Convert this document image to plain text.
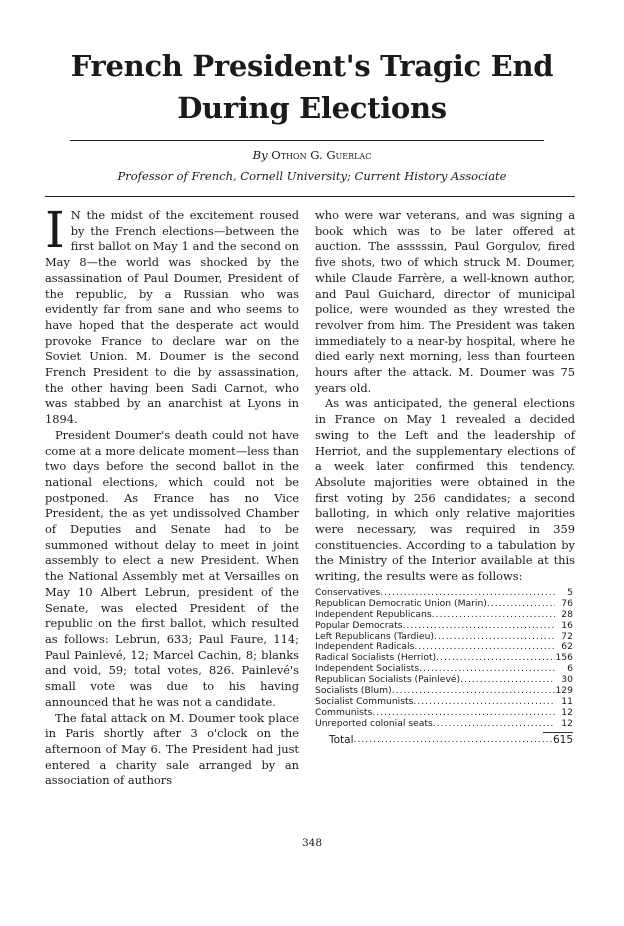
French President's Tragic End
During Elections
By Othon G. Guerlac
Professor of French, Cornell University; Current History Associate

I N the midst of the excitement roused by the French elections—between the first ballot on May 1 and the second on May 8—the world was shocked by the assassination of Paul Doumer, President of the republic, by a Russian who was evidently far from sane and who seems to have hoped that the desperate act would provoke France to declare war on the Soviet Union. M. Doumer is the second French President to die by assassination, the other having been Sadi Carnot, who was stabbed by an anarchist at Lyons in 1894.

President Doumer's death could not have come at a more delicate moment—less than two days before the second ballot in the national elections, which could not be postponed. As France has no Vice President, the as yet undissolved Chamber of Deputies and Senate had to be summoned without delay to meet in joint assembly to elect a new President. When the National Assembly met at Versailles on May 10 Albert Lebrun, president of the Senate, was elected President of the republic on the first ballot, which resulted as follows: Lebrun, 633; Paul Faure, 114; Paul Painlevé, 12; Marcel Cachin, 8; blanks and void, 59; total votes, 826. Painlevé's small vote was due to his having announced that he was not a candidate.

The fatal attack on M. Doumer took place in Paris shortly after 3 o'clock on the afternoon of May 6. The President had just entered a charity sale arranged by an association of authors

who were war veterans, and was signing a book which was to be later offered at auction. The asssssin, Paul Gorgulov, fired five shots, two of which struck M. Doumer, while Claude Farrère, a well-known author, and Paul Guichard, director of municipal police, were wounded as they wrested the revolver from him. The President was taken immediately to a near-by hospital, where he died early next morning, less than fourteen hours after the attack. M. Doumer was 75 years old.

As was anticipated, the general elections in France on May 1 revealed a decided swing to the Left and the leadership of Herriot, and the supplementary elections of a week later confirmed this tendency. Absolute majorities were obtained in the first voting by 256 candidates; a second balloting, in which only relative majorities were necessary, was required in 359 constituencies. According to a tabulation by the Ministry of the Interior available at this writing, the results were as follows:

Conservatives .....	5
Republican Democratic Union (Marin) .....	76
Independent Republicans .....	28
Popular Democrats .....	16
Left Republicans (Tardieu) .....	72
Independent Radicals .....	62
Radical Socialists (Herriot) .....	156
Independent Socialists .....	6
Republican Socialists (Painlevé) .....	30
Socialists (Blum) .....	129
Socialist Communists .....	11
Communists .....	12
Unreported colonial seats .....	12
Total .....	615
348
